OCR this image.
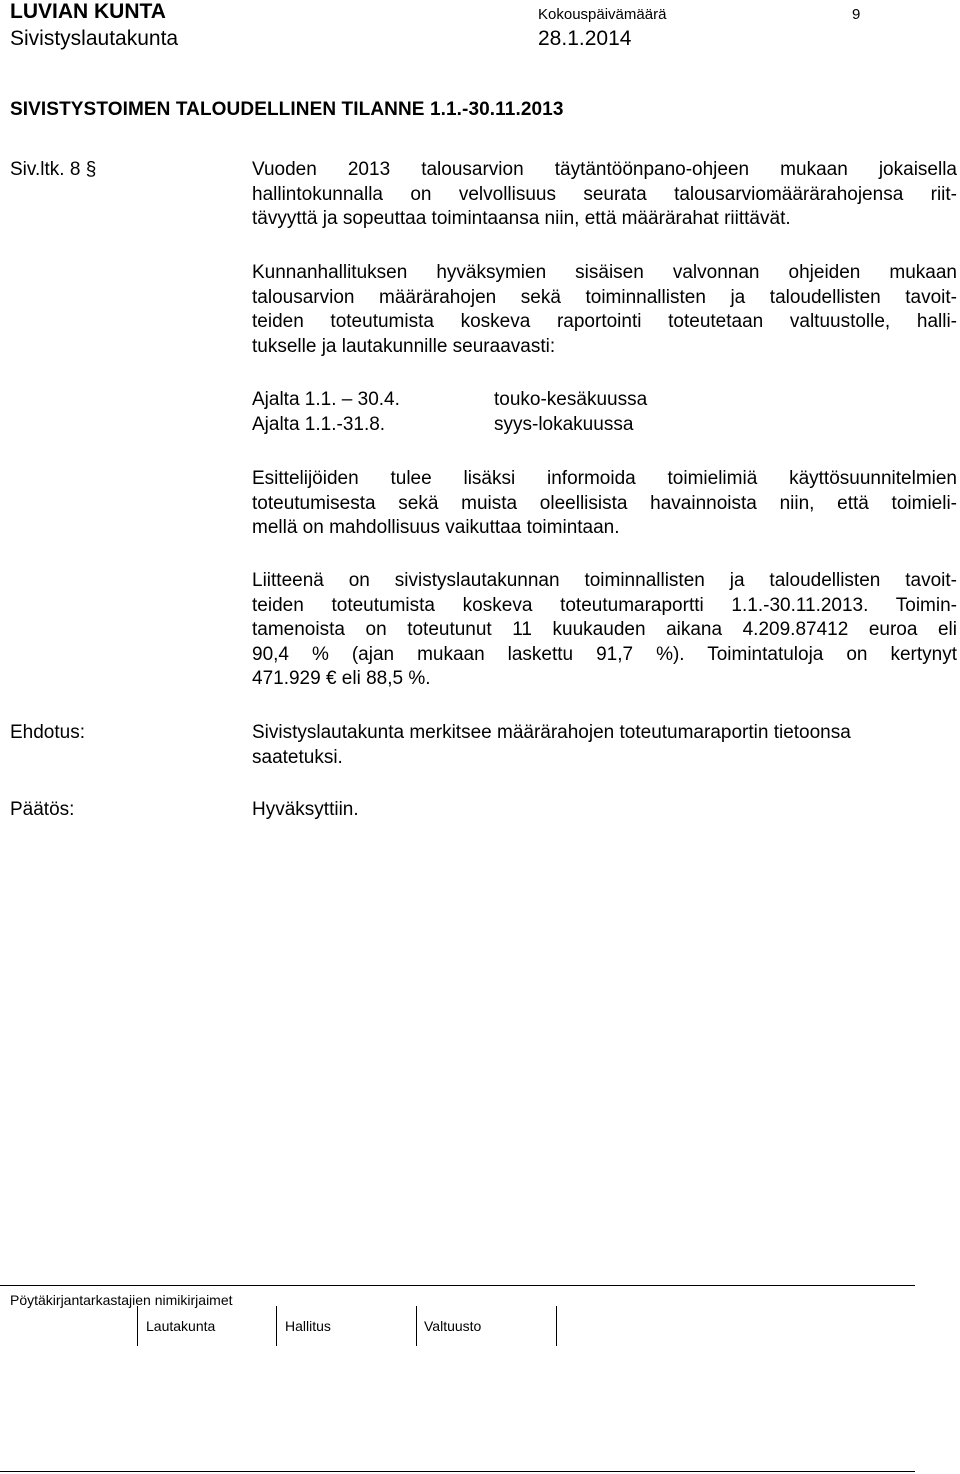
LUVIAN KUNTA	Kokouspäivämäärä	9
Sivistyslautakunta	28.1.2014
SIVISTYSTOIMEN TALOUDELLINEN TILANNE 1.1.-30.11.2013
Siv.ltk. 8 §	Vuoden 2013 talousarvion täytäntöönpano-ohjeen mukaan jokaisella
hallintokunnalla on velvollisuus seurata talousarviomäärärahojensa riit-
tävyyttä ja sopeuttaa toimintaansa niin, että määrärahat riittävät.
Kunnanhallituksen hyväksymien sisäisen valvonnan ohjeiden mukaan
talousarvion määrärahojen sekä toiminnallisten ja taloudellisten tavoit-
teiden toteutumista koskeva raportointi toteutetaan valtuustolle, halli-
tukselle ja lautakunnille seuraavasti:
Ajalta 1.1. – 30.4.	touko-kesäkuussa
Ajalta 1.1.-31.8.	syys-lokakuussa
Esittelijöiden tulee lisäksi informoida toimielimiä käyttösuunnitelmien
toteutumisesta sekä muista oleellisista havainnoista niin, että toimieli-
mellä on mahdollisuus vaikuttaa toimintaan.
Liitteenä on sivistyslautakunnan toiminnallisten ja taloudellisten tavoit-
teiden toteutumista koskeva toteutumaraportti 1.1.-30.11.2013. Toimin-
tamenoista on toteutunut 11 kuukauden aikana 4.209.87412 euroa eli
90,4 % (ajan mukaan laskettu 91,7 %). Toimintatuloja on kertynyt
471.929 € eli 88,5 %.
Ehdotus:	Sivistyslautakunta merkitsee määrärahojen toteutumaraportin tietoonsa
saatetuksi.
Päätös:	Hyväksyttiin.
Pöytäkirjantarkastajien nimikirjaimet
Lautakunta	Hallitus	Valtuusto
